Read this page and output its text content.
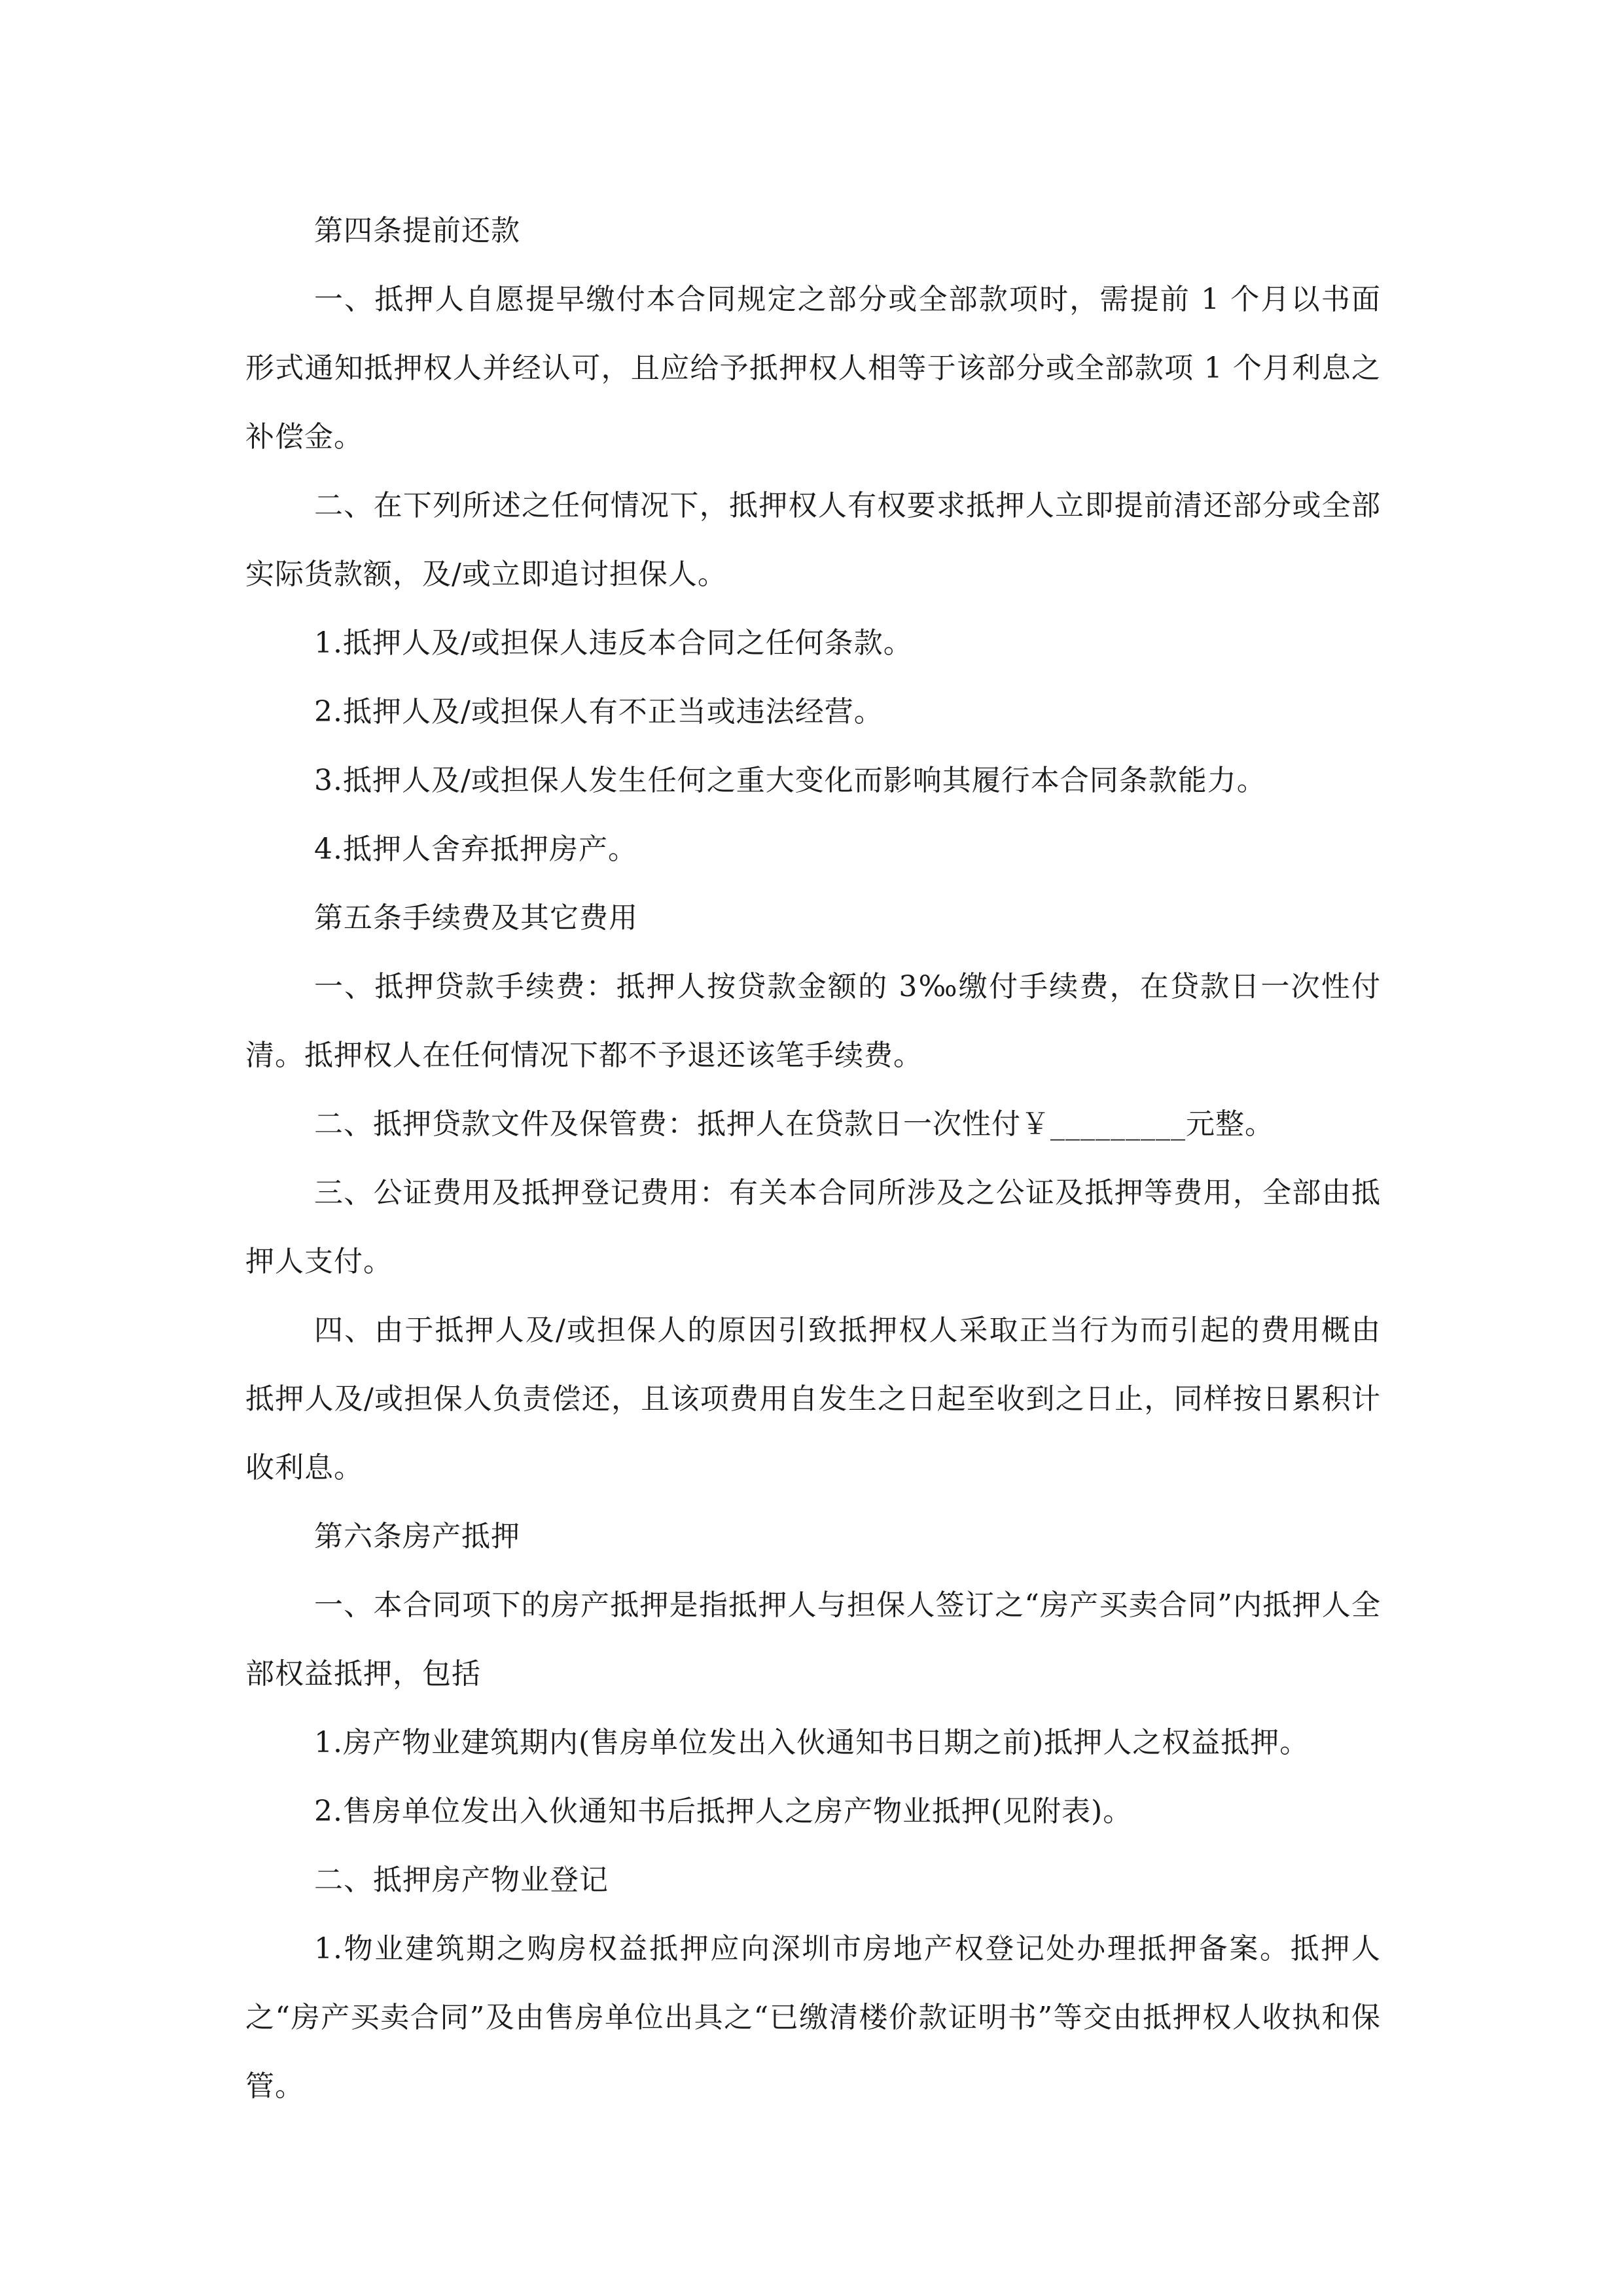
第四条提前还款

一、抵押人自愿提早缴付本合同规定之部分或全部款项时，需提前 1 个月以书面形式通知抵押权人并经认可，且应给予抵押权人相等于该部分或全部款项 1 个月利息之补偿金。

二、在下列所述之任何情况下，抵押权人有权要求抵押人立即提前清还部分或全部实际货款额，及/或立即追讨担保人。

1.抵押人及/或担保人违反本合同之任何条款。

2.抵押人及/或担保人有不正当或违法经营。

3.抵押人及/或担保人发生任何之重大变化而影响其履行本合同条款能力。

4.抵押人舍弃抵押房产。

第五条手续费及其它费用

一、抵押贷款手续费：抵押人按贷款金额的 3‰缴付手续费，在贷款日一次性付清。抵押权人在任何情况下都不予退还该笔手续费。

二、抵押贷款文件及保管费：抵押人在贷款日一次性付￥_________元整。

三、公证费用及抵押登记费用：有关本合同所涉及之公证及抵押等费用，全部由抵押人支付。

四、由于抵押人及/或担保人的原因引致抵押权人采取正当行为而引起的费用概由抵押人及/或担保人负责偿还，且该项费用自发生之日起至收到之日止，同样按日累积计收利息。

第六条房产抵押

一、本合同项下的房产抵押是指抵押人与担保人签订之“房产买卖合同”内抵押人全部权益抵押，包括

1.房产物业建筑期内(售房单位发出入伙通知书日期之前)抵押人之权益抵押。

2.售房单位发出入伙通知书后抵押人之房产物业抵押(见附表)。

二、抵押房产物业登记

1.物业建筑期之购房权益抵押应向深圳市房地产权登记处办理抵押备案。抵押人之“房产买卖合同”及由售房单位出具之“已缴清楼价款证明书”等交由抵押权人收执和保管。
